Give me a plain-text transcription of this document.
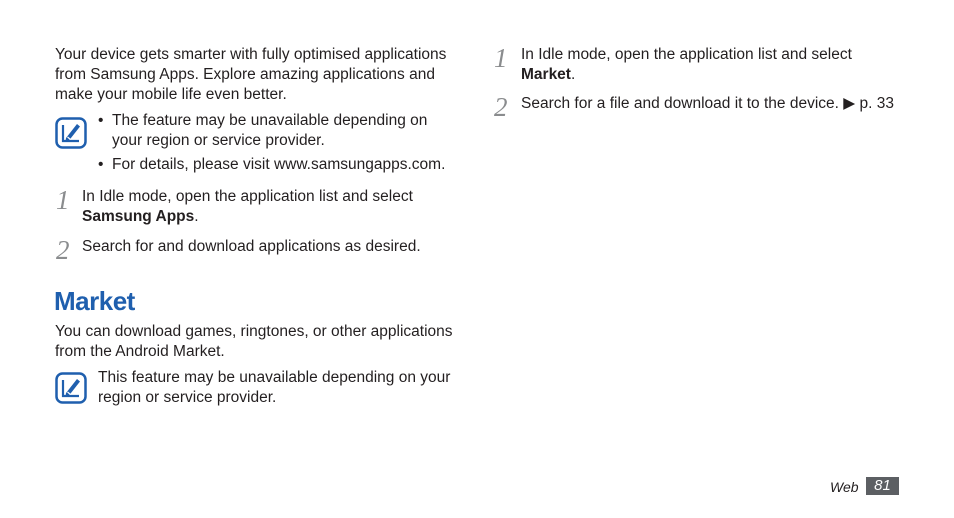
Your device gets smarter with fully optimised applications from Samsung Apps. Explore amazing applications and make your mobile life even better.
• The feature may be unavailable depending on your region or service provider.
• For details, please visit www.samsungapps.com.
1 In Idle mode, open the application list and select Samsung Apps.
2 Search for and download applications as desired.
Market
You can download games, ringtones, or other applications from the Android Market.
This feature may be unavailable depending on your region or service provider.
1 In Idle mode, open the application list and select Market.
2 Search for a file and download it to the device. ▶ p. 33
Web	81
